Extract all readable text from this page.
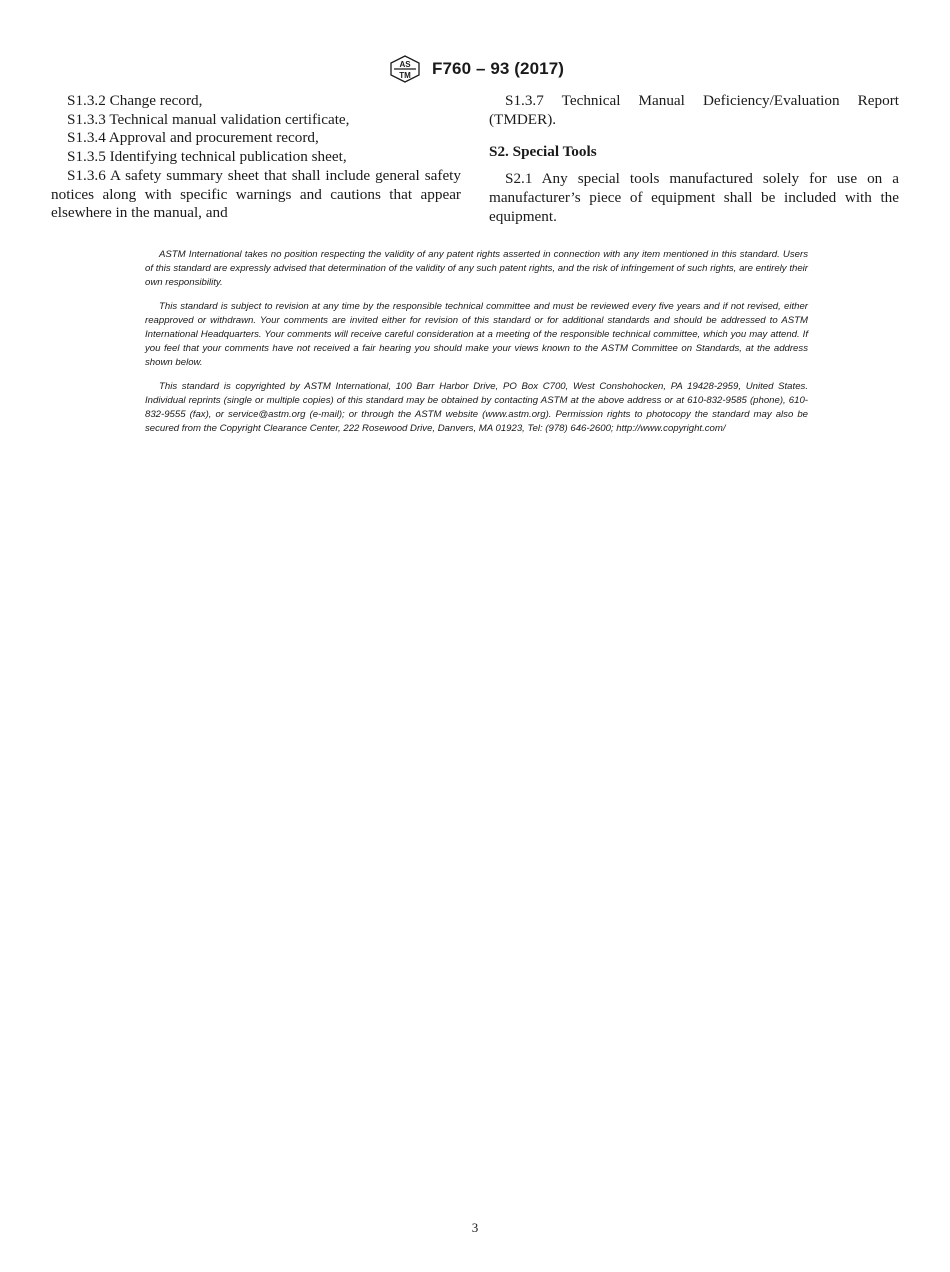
AS
TM F760 – 93 (2017)

S1.3.2 Change record,

S1.3.3 Technical manual validation certificate,

S1.3.4 Approval and procurement record,

S1.3.5 Identifying technical publication sheet,

S1.3.6 A safety summary sheet that shall include general safety notices along with specific warnings and cautions that appear elsewhere in the manual, and

S1.3.7 Technical Manual Deficiency/Evaluation Report (TMDER).

S2. Special Tools

S2.1 Any special tools manufactured solely for use on a manufacturer’s piece of equipment shall be included with the equipment.

ASTM International takes no position respecting the validity of any patent rights asserted in connection with any item mentioned in this standard. Users of this standard are expressly advised that determination of the validity of any such patent rights, and the risk of infringement of such rights, are entirely their own responsibility.

This standard is subject to revision at any time by the responsible technical committee and must be reviewed every five years and if not revised, either reapproved or withdrawn. Your comments are invited either for revision of this standard or for additional standards and should be addressed to ASTM International Headquarters. Your comments will receive careful consideration at a meeting of the responsible technical committee, which you may attend. If you feel that your comments have not received a fair hearing you should make your views known to the ASTM Committee on Standards, at the address shown below.

This standard is copyrighted by ASTM International, 100 Barr Harbor Drive, PO Box C700, West Conshohocken, PA 19428-2959, United States. Individual reprints (single or multiple copies) of this standard may be obtained by contacting ASTM at the above address or at 610-832-9585 (phone), 610-832-9555 (fax), or service@astm.org (e-mail); or through the ASTM website (www.astm.org). Permission rights to photocopy the standard may also be secured from the Copyright Clearance Center, 222 Rosewood Drive, Danvers, MA 01923, Tel: (978) 646-2600; http://www.copyright.com/

3
